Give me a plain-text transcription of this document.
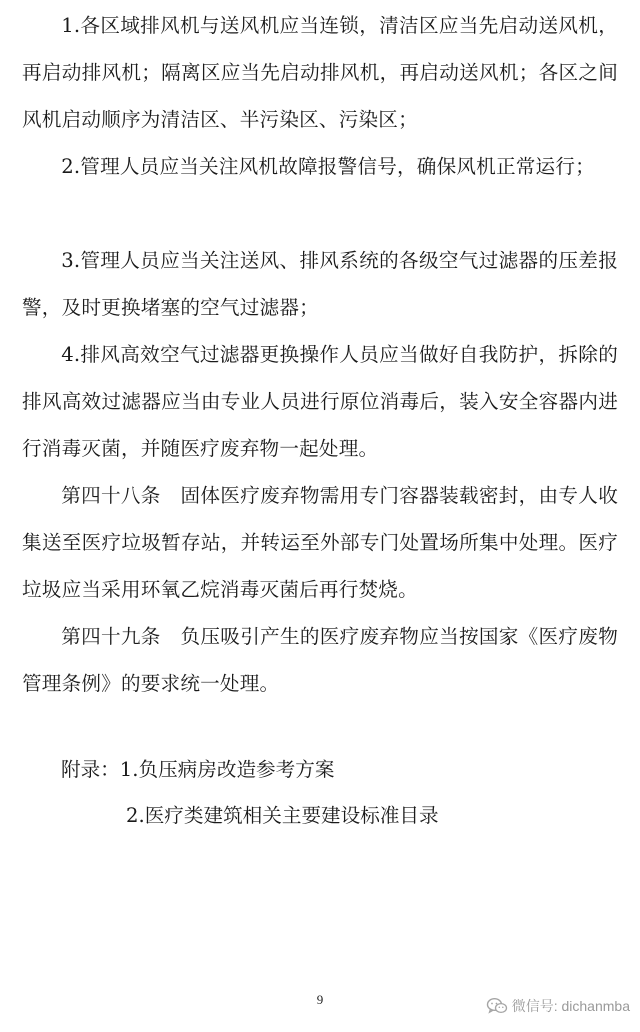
1.各区域排风机与送风机应当连锁，清洁区应当先启动送风机，再启动排风机；隔离区应当先启动排风机，再启动送风机；各区之间风机启动顺序为清洁区、半污染区、污染区；

2.管理人员应当关注风机故障报警信号，确保风机正常运行；

3.管理人员应当关注送风、排风系统的各级空气过滤器的压差报警，及时更换堵塞的空气过滤器；

4.排风高效空气过滤器更换操作人员应当做好自我防护，拆除的排风高效过滤器应当由专业人员进行原位消毒后，装入安全容器内进行消毒灭菌，并随医疗废弃物一起处理。

第四十八条　固体医疗废弃物需用专门容器装载密封，由专人收集送至医疗垃圾暂存站，并转运至外部专门处置场所集中处理。医疗垃圾应当采用环氧乙烷消毒灭菌后再行焚烧。

第四十九条　负压吸引产生的医疗废弃物应当按国家《医疗废物管理条例》的要求统一处理。

附录：1.负压病房改造参考方案

2.医疗类建筑相关主要建设标准目录

9	微信号: dichanmba
